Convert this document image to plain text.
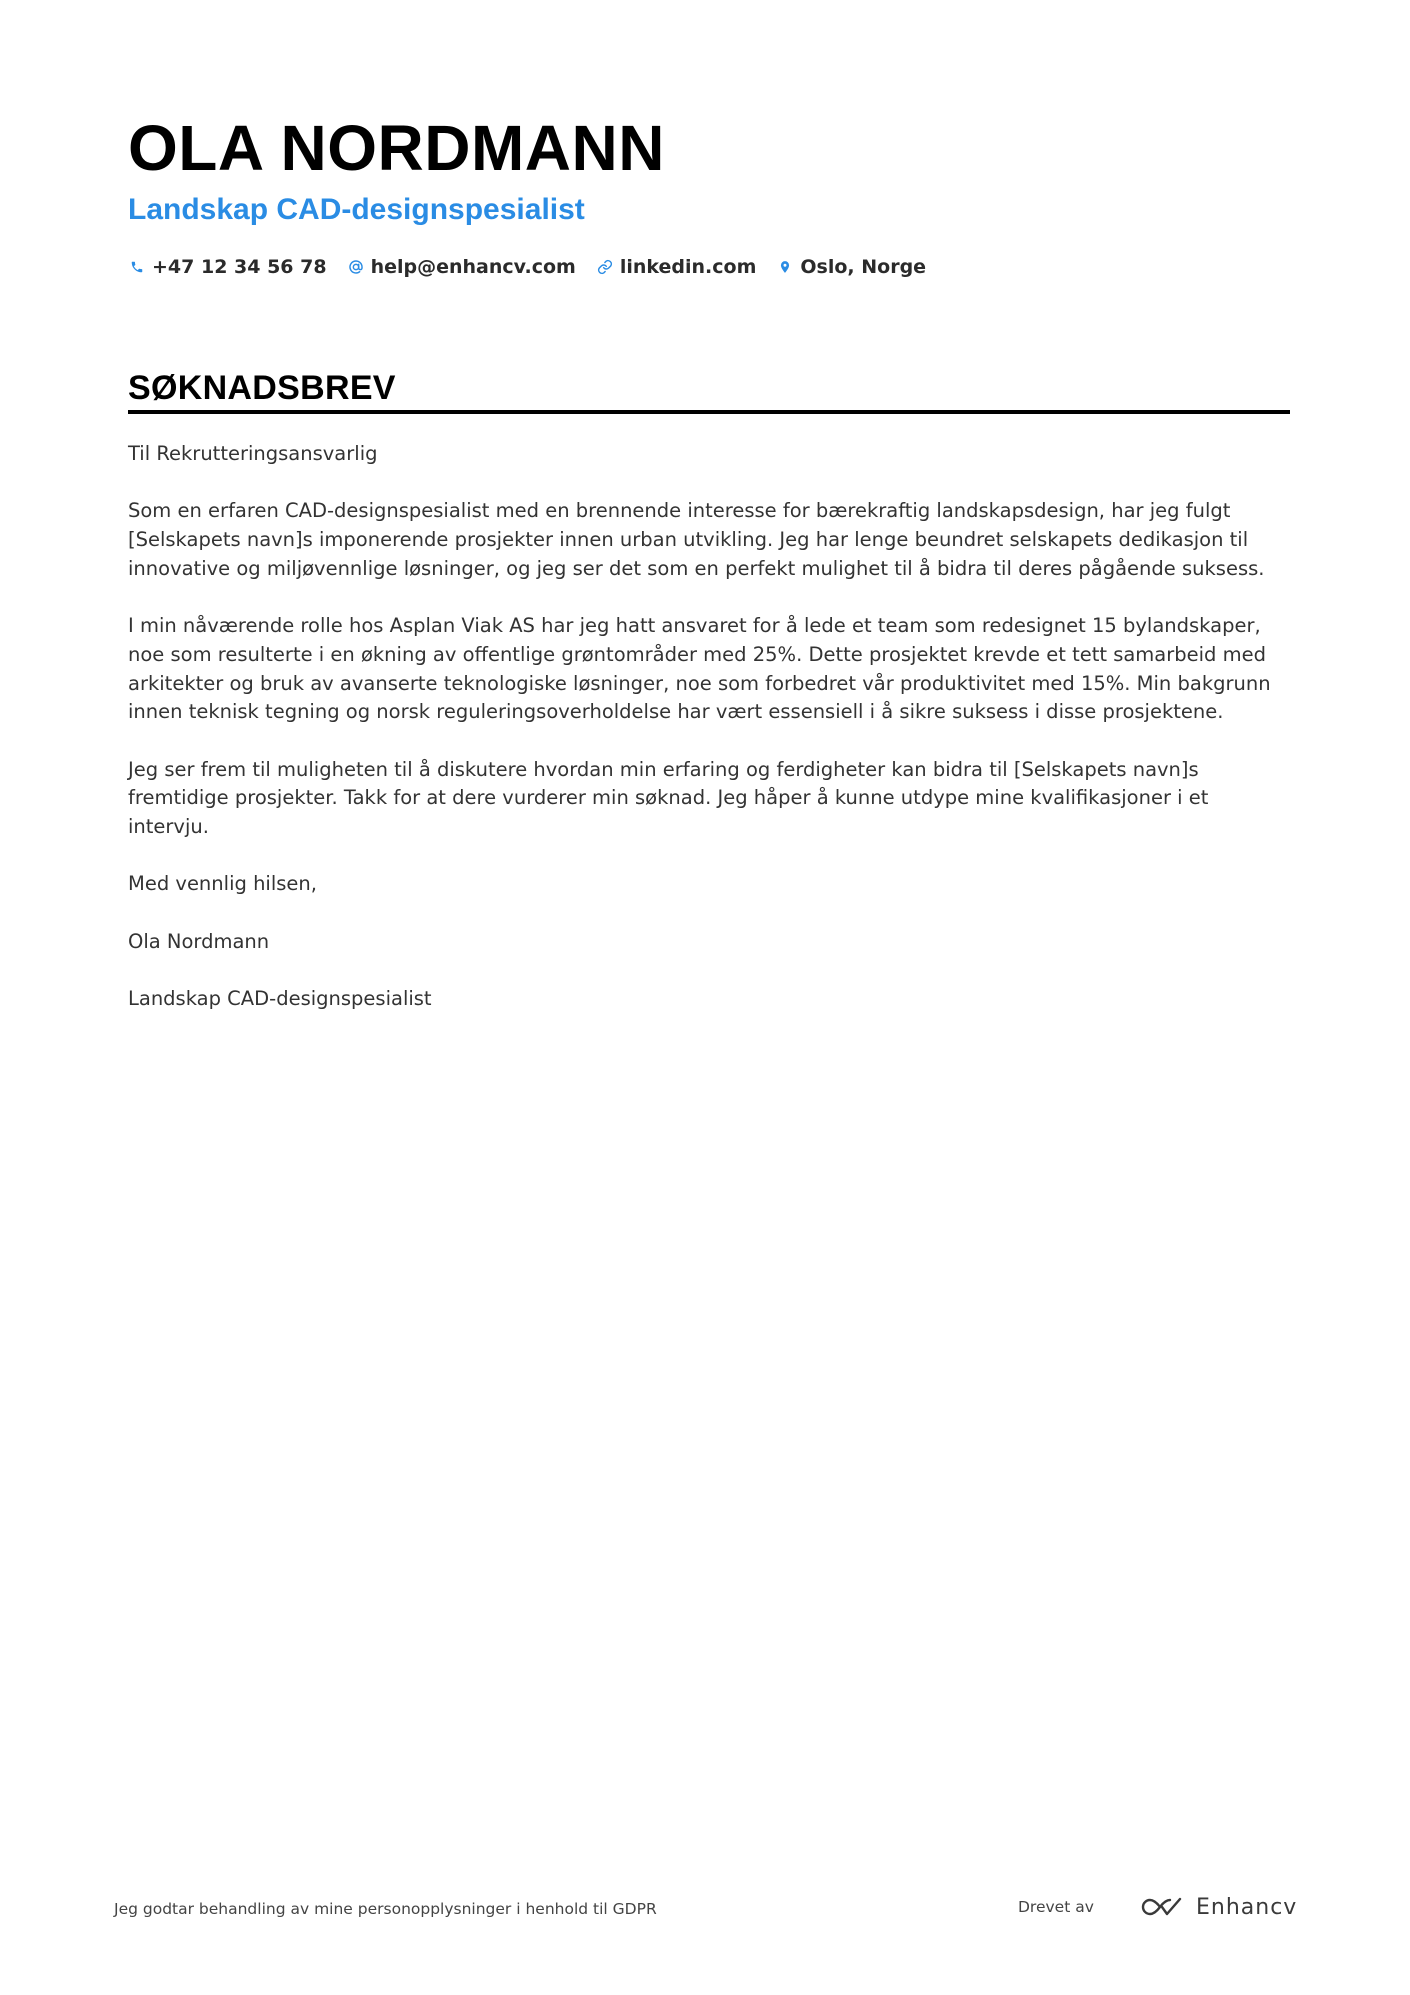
OLA NORDMANN
Landskap CAD-designspesialist
+47 12 34 56 78 help@enhancv.com linkedin.com Oslo, Norge
SØKNADSBREV

Til Rekrutteringsansvarlig

Som en erfaren CAD-designspesialist med en brennende interesse for bærekraftig landskapsdesign, har jeg fulgt [Selskapets navn]s imponerende prosjekter innen urban utvikling. Jeg har lenge beundret selskapets dedikasjon til innovative og miljøvennlige løsninger, og jeg ser det som en perfekt mulighet til å bidra til deres pågående suksess.

I min nåværende rolle hos Asplan Viak AS har jeg hatt ansvaret for å lede et team som redesignet 15 bylandskaper, noe som resulterte i en økning av offentlige grøntområder med 25%. Dette prosjektet krevde et tett samarbeid med arkitekter og bruk av avanserte teknologiske løsninger, noe som forbedret vår produktivitet med 15%. Min bakgrunn innen teknisk tegning og norsk reguleringsoverholdelse har vært essensiell i å sikre suksess i disse prosjektene.

Jeg ser frem til muligheten til å diskutere hvordan min erfaring og ferdigheter kan bidra til [Selskapets navn]s fremtidige prosjekter. Takk for at dere vurderer min søknad. Jeg håper å kunne utdype mine kvalifikasjoner i et intervju.

Med vennlig hilsen,

Ola Nordmann

Landskap CAD-designspesialist

Jeg godtar behandling av mine personopplysninger i henhold til GDPR	Drevet av	Enhancv
